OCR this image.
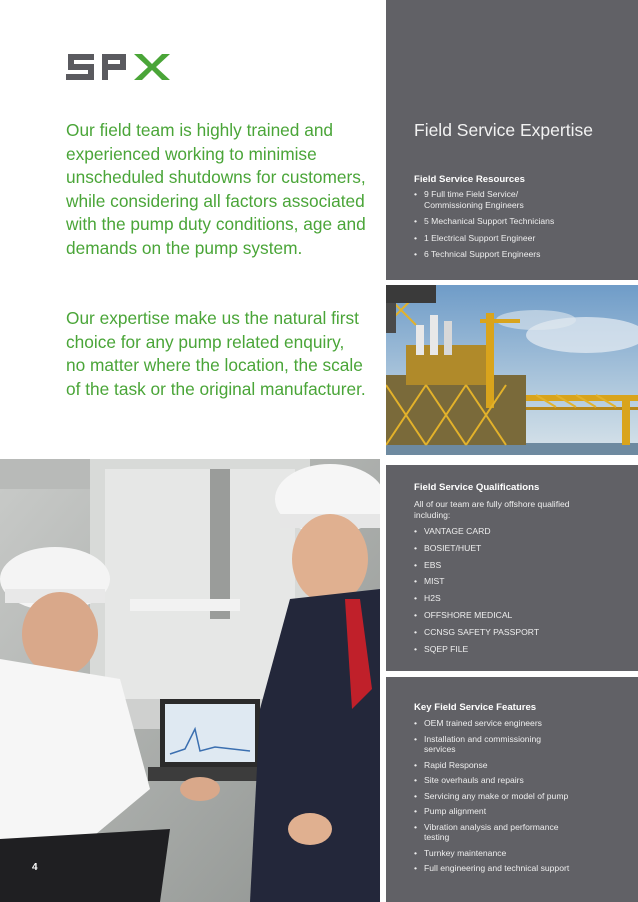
Our field team is highly trained and experienced working to minimise unscheduled shutdowns for customers, while considering all factors associated with the pump duty conditions, age and demands on the pump system.

Our expertise make us the natural first choice for any pump related enquiry, no matter where the location, the scale of the task or the original manufacturer.

Field Service Expertise
Field Service Resources
• 9 Full time Field Service/ Commissioning Engineers
• 5 Mechanical Support Technicians
• 1 Electrical Support Engineer
• 6 Technical Support Engineers
Field Service Qualifications
All of our team are fully offshore qualified including:
• VANTAGE CARD
• BOSIET/HUET
• EBS
• MIST
• H2S
• OFFSHORE MEDICAL
• CCNSG SAFETY PASSPORT
• SQEP FILE
Key Field Service Features
• OEM trained service engineers
• Installation and commissioning services
• Rapid Response
• Site overhauls and repairs
• Servicing any make or model of pump
• Pump alignment
• Vibration analysis and performance testing
• Turnkey maintenance
• Full engineering and technical support
4
